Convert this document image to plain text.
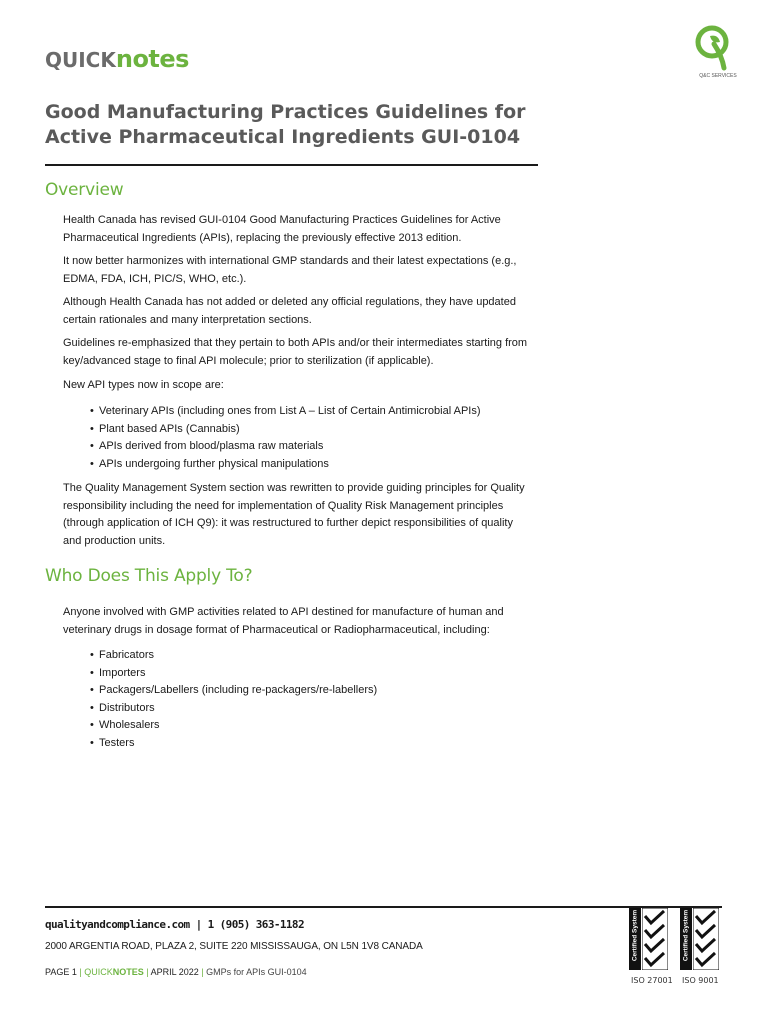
QUICKnotes
Q&C SERVICES
Good Manufacturing Practices Guidelines for
Active Pharmaceutical Ingredients GUI-0104
Overview

Health Canada has revised GUI-0104 Good Manufacturing Practices Guidelines for Active Pharmaceutical Ingredients (APIs), replacing the previously effective 2013 edition.

It now better harmonizes with international GMP standards and their latest expectations (e.g., EDMA, FDA, ICH, PIC/S, WHO, etc.).

Although Health Canada has not added or deleted any official regulations, they have updated certain rationales and many interpretation sections.

Guidelines re-emphasized that they pertain to both APIs and/or their intermediates starting from key/advanced stage to final API molecule; prior to sterilization (if applicable).

New API types now in scope are:

• Veterinary APIs (including ones from List A – List of Certain Antimicrobial APIs)
• Plant based APIs (Cannabis)
• APIs derived from blood/plasma raw materials
• APIs undergoing further physical manipulations

The Quality Management System section was rewritten to provide guiding principles for Quality responsibility including the need for implementation of Quality Risk Management principles (through application of ICH Q9): it was restructured to further depict responsibilities of quality and production units.

Who Does This Apply To?

Anyone involved with GMP activities related to API destined for manufacture of human and veterinary drugs in dosage format of Pharmaceutical or Radiopharmaceutical, including:

• Fabricators
• Importers
• Packagers/Labellers (including re-packagers/re-labellers)
• Distributors
• Wholesalers
• Testers
qualityandcompliance.com | 1 (905) 363-1182
2000 ARGENTIA ROAD, PLAZA 2, SUITE 220 MISSISSAUGA, ON L5N 1V8 CANADA
PAGE 1 | QUICKNOTES | APRIL 2022 | GMPs for APIs GUI-0104
Certified System
ISO 27001
Certified System
ISO 9001
